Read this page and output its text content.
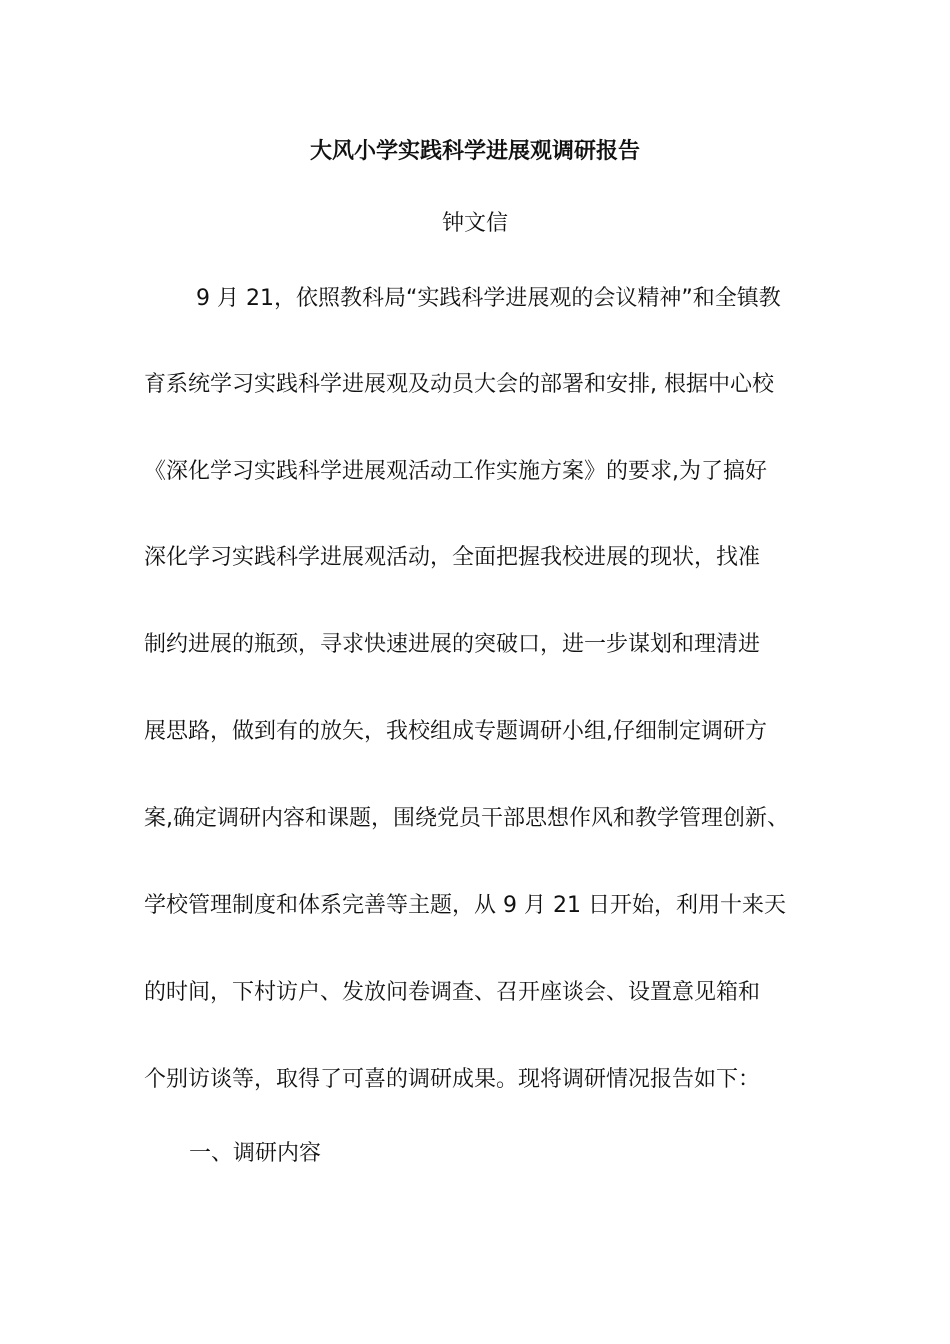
大风小学实践科学进展观调研报告
钟文信
9 月 21，依照教科局“实践科学进展观的会议精神”和全镇教
育系统学习实践科学进展观及动员大会的部署和安排, 根据中心校
《深化学习实践科学进展观活动工作实施方案》的要求,为了搞好
深化学习实践科学进展观活动，全面把握我校进展的现状，找准
制约进展的瓶颈，寻求快速进展的突破口，进一步谋划和理清进
展思路，做到有的放矢，我校组成专题调研小组,仔细制定调研方
案,确定调研内容和课题，围绕党员干部思想作风和教学管理创新、
学校管理制度和体系完善等主题，从 9 月 21 日开始，利用十来天
的时间，下村访户、发放问卷调查、召开座谈会、设置意见箱和
个别访谈等，取得了可喜的调研成果。现将调研情况报告如下：
一、调研内容
